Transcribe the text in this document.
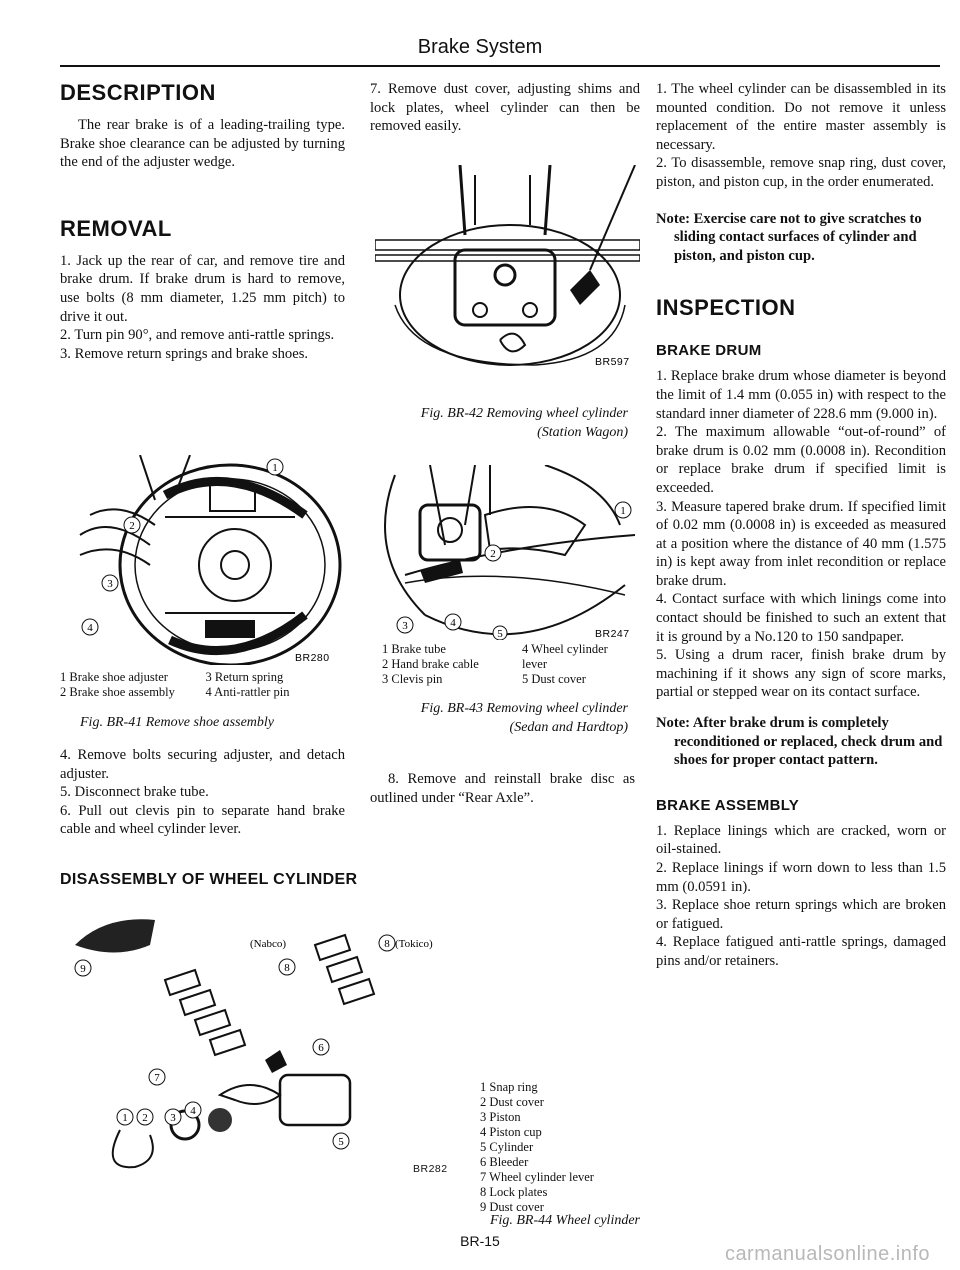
Brake System
DESCRIPTION

The rear brake is of a leading-trailing type. Brake shoe clearance can be adjusted by turning the end of the adjuster wedge.

REMOVAL

1. Jack up the rear of car, and remove tire and brake drum. If brake drum is hard to remove, use bolts (8 mm diameter, 1.25 mm pitch) to drive it out.

2. Turn pin 90°, and remove anti-rattle springs.

3. Remove return springs and brake shoes.

1
2
3
4
BR280
1 Brake shoe adjuster	3 Return spring
2 Brake shoe assembly	4 Anti-rattler pin
Fig. BR-41 Remove shoe assembly

4. Remove bolts securing adjuster, and detach adjuster.

5. Disconnect brake tube.

6. Pull out clevis pin to separate hand brake cable and wheel cylinder lever.

7. Remove dust cover, adjusting shims and lock plates, wheel cylinder can then be removed easily.

BR597
Fig. BR-42 Removing wheel cylinder
(Station Wagon)
1
2
3	4
5	BR247
1 Brake tube
2 Hand brake cable
3 Clevis pin
4 Wheel cylinder lever
5 Dust cover
Fig. BR-43 Removing wheel cylinder
(Sedan and Hardtop)

8. Remove and reinstall brake disc as outlined under “Rear Axle”.

DISASSEMBLY OF WHEEL CYLINDER
(Nabco)	(Tokico)
9	8
8
7
6
5
1 2 3
4
1 Snap ring
2 Dust cover
3 Piston
4 Piston cup
5 Cylinder
6 Bleeder
7 Wheel cylinder lever
8 Lock plates
9 Dust cover
BR282
Fig. BR-44 Wheel cylinder

1. The wheel cylinder can be disassembled in its mounted condition. Do not remove it unless replacement of the entire master assembly is necessary.

2. To disassemble, remove snap ring, dust cover, piston, and piston cup, in the order enumerated.

Note: Exercise care not to give scratches to sliding contact surfaces of cylinder and piston, and piston cup.

INSPECTION
BRAKE DRUM

1. Replace brake drum whose diameter is beyond the limit of 1.4 mm (0.055 in) with respect to the standard inner diameter of 228.6 mm (9.000 in).

2. The maximum allowable “out-of-round” of brake drum is 0.02 mm (0.0008 in). Recondition or replace brake drum if specified limit is exceeded.

3. Measure tapered brake drum. If specified limit of 0.02 mm (0.0008 in) is exceeded as measured at a position where the distance of 40 mm (1.575 in) is kept away from inlet recondition or replace brake drum.

4. Contact surface with which linings come into contact should be finished to such an extent that it is ground by a No.120 to 150 sandpaper.

5. Using a drum racer, finish brake drum by machining if it shows any sign of score marks, partial or stepped wear on its contact surface.

Note: After brake drum is completely reconditioned or replaced, check drum and shoes for proper contact pattern.

BRAKE ASSEMBLY

1. Replace linings which are cracked, worn or oil-stained.

2. Replace linings if worn down to less than 1.5 mm (0.0591 in).

3. Replace shoe return springs which are broken or fatigued.

4. Replace fatigued anti-rattle springs, damaged pins and/or retainers.

BR-15
carmanualsonline.info
